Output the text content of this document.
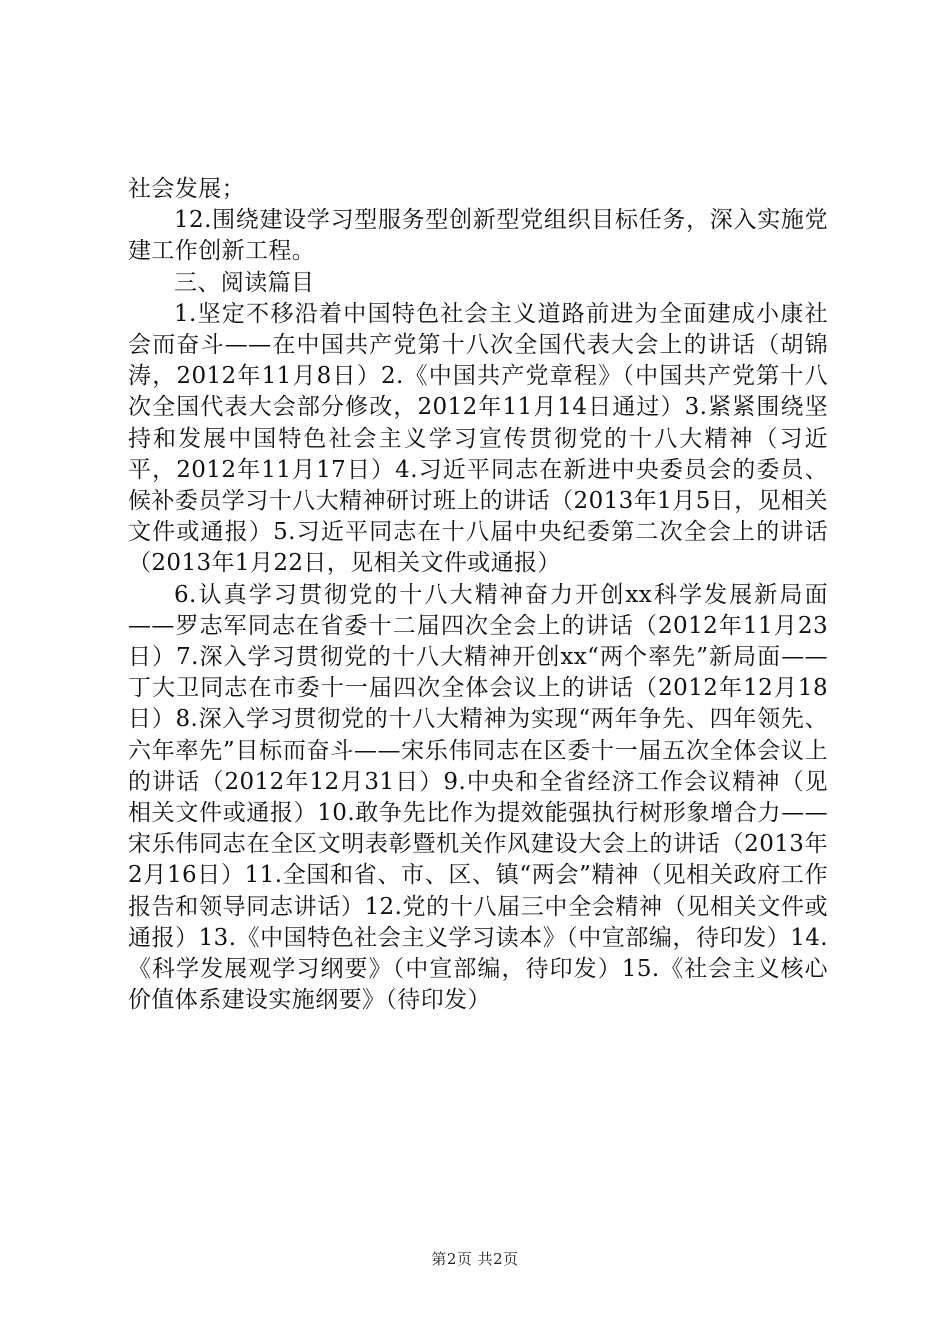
社会发展；

12.围绕建设学习型服务型创新型党组织目标任务，深入实施党建工作创新工程。

三、阅读篇目

1.坚定不移沿着中国特色社会主义道路前进为全面建成小康社会而奋斗——在中国共产党第十八次全国代表大会上的讲话（胡锦涛，2012年11月8日）2.《中国共产党章程》（中国共产党第十八次全国代表大会部分修改，2012年11月14日通过）3.紧紧围绕坚持和发展中国特色社会主义学习宣传贯彻党的十八大精神（习近平，2012年11月17日）4.习近平同志在新进中央委员会的委员、候补委员学习十八大精神研讨班上的讲话（2013年1月5日，见相关文件或通报）5.习近平同志在十八届中央纪委第二次全会上的讲话（2013年1月22日，见相关文件或通报）

6.认真学习贯彻党的十八大精神奋力开创xx科学发展新局面——罗志军同志在省委十二届四次全会上的讲话（2012年11月23日）7.深入学习贯彻党的十八大精神开创xx“两个率先”新局面——丁大卫同志在市委十一届四次全体会议上的讲话（2012年12月18日）8.深入学习贯彻党的十八大精神为实现“两年争先、四年领先、六年率先”目标而奋斗——宋乐伟同志在区委十一届五次全体会议上的讲话（2012年12月31日）9.中央和全省经济工作会议精神（见相关文件或通报）10.敢争先比作为提效能强执行树形象增合力——宋乐伟同志在全区文明表彰暨机关作风建设大会上的讲话（2013年2月16日）11.全国和省、市、区、镇“两会”精神（见相关政府工作报告和领导同志讲话）12.党的十八届三中全会精神（见相关文件或通报）13.《中国特色社会主义学习读本》（中宣部编，待印发）14.《科学发展观学习纲要》（中宣部编，待印发）15.《社会主义核心价值体系建设实施纲要》（待印发）

第2页 共2页
